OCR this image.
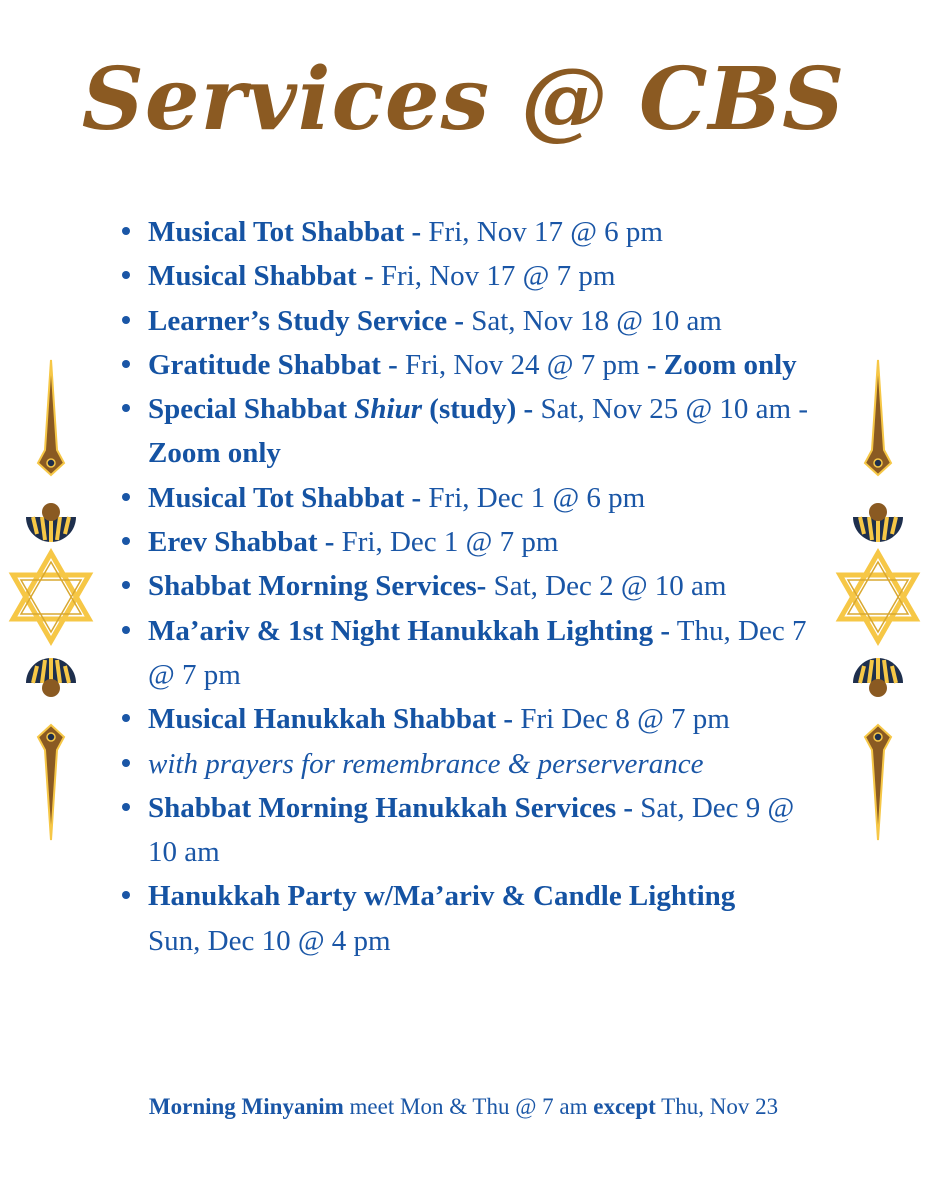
Services @ CBS
Musical Tot Shabbat - Fri, Nov 17 @ 6 pm
Musical Shabbat - Fri, Nov 17 @ 7 pm
Learner’s Study Service - Sat, Nov 18 @ 10 am
Gratitude Shabbat - Fri, Nov 24 @ 7 pm - Zoom only
Special Shabbat Shiur (study) - Sat, Nov 25 @ 10 am - Zoom only
Musical Tot Shabbat - Fri, Dec 1 @ 6 pm
Erev Shabbat - Fri, Dec 1 @ 7 pm
Shabbat Morning Services- Sat, Dec 2 @ 10 am
Ma’ariv & 1st Night Hanukkah Lighting - Thu, Dec 7 @ 7 pm
Musical Hanukkah Shabbat - Fri Dec 8 @ 7 pm
with prayers for remembrance & perserverance
Shabbat Morning Hanukkah Services - Sat, Dec 9 @ 10 am
Hanukkah Party w/Ma’ariv & Candle Lighting
Sun, Dec 10 @ 4 pm
Morning Minyanim meet Mon & Thu @ 7 am except Thu, Nov 23
